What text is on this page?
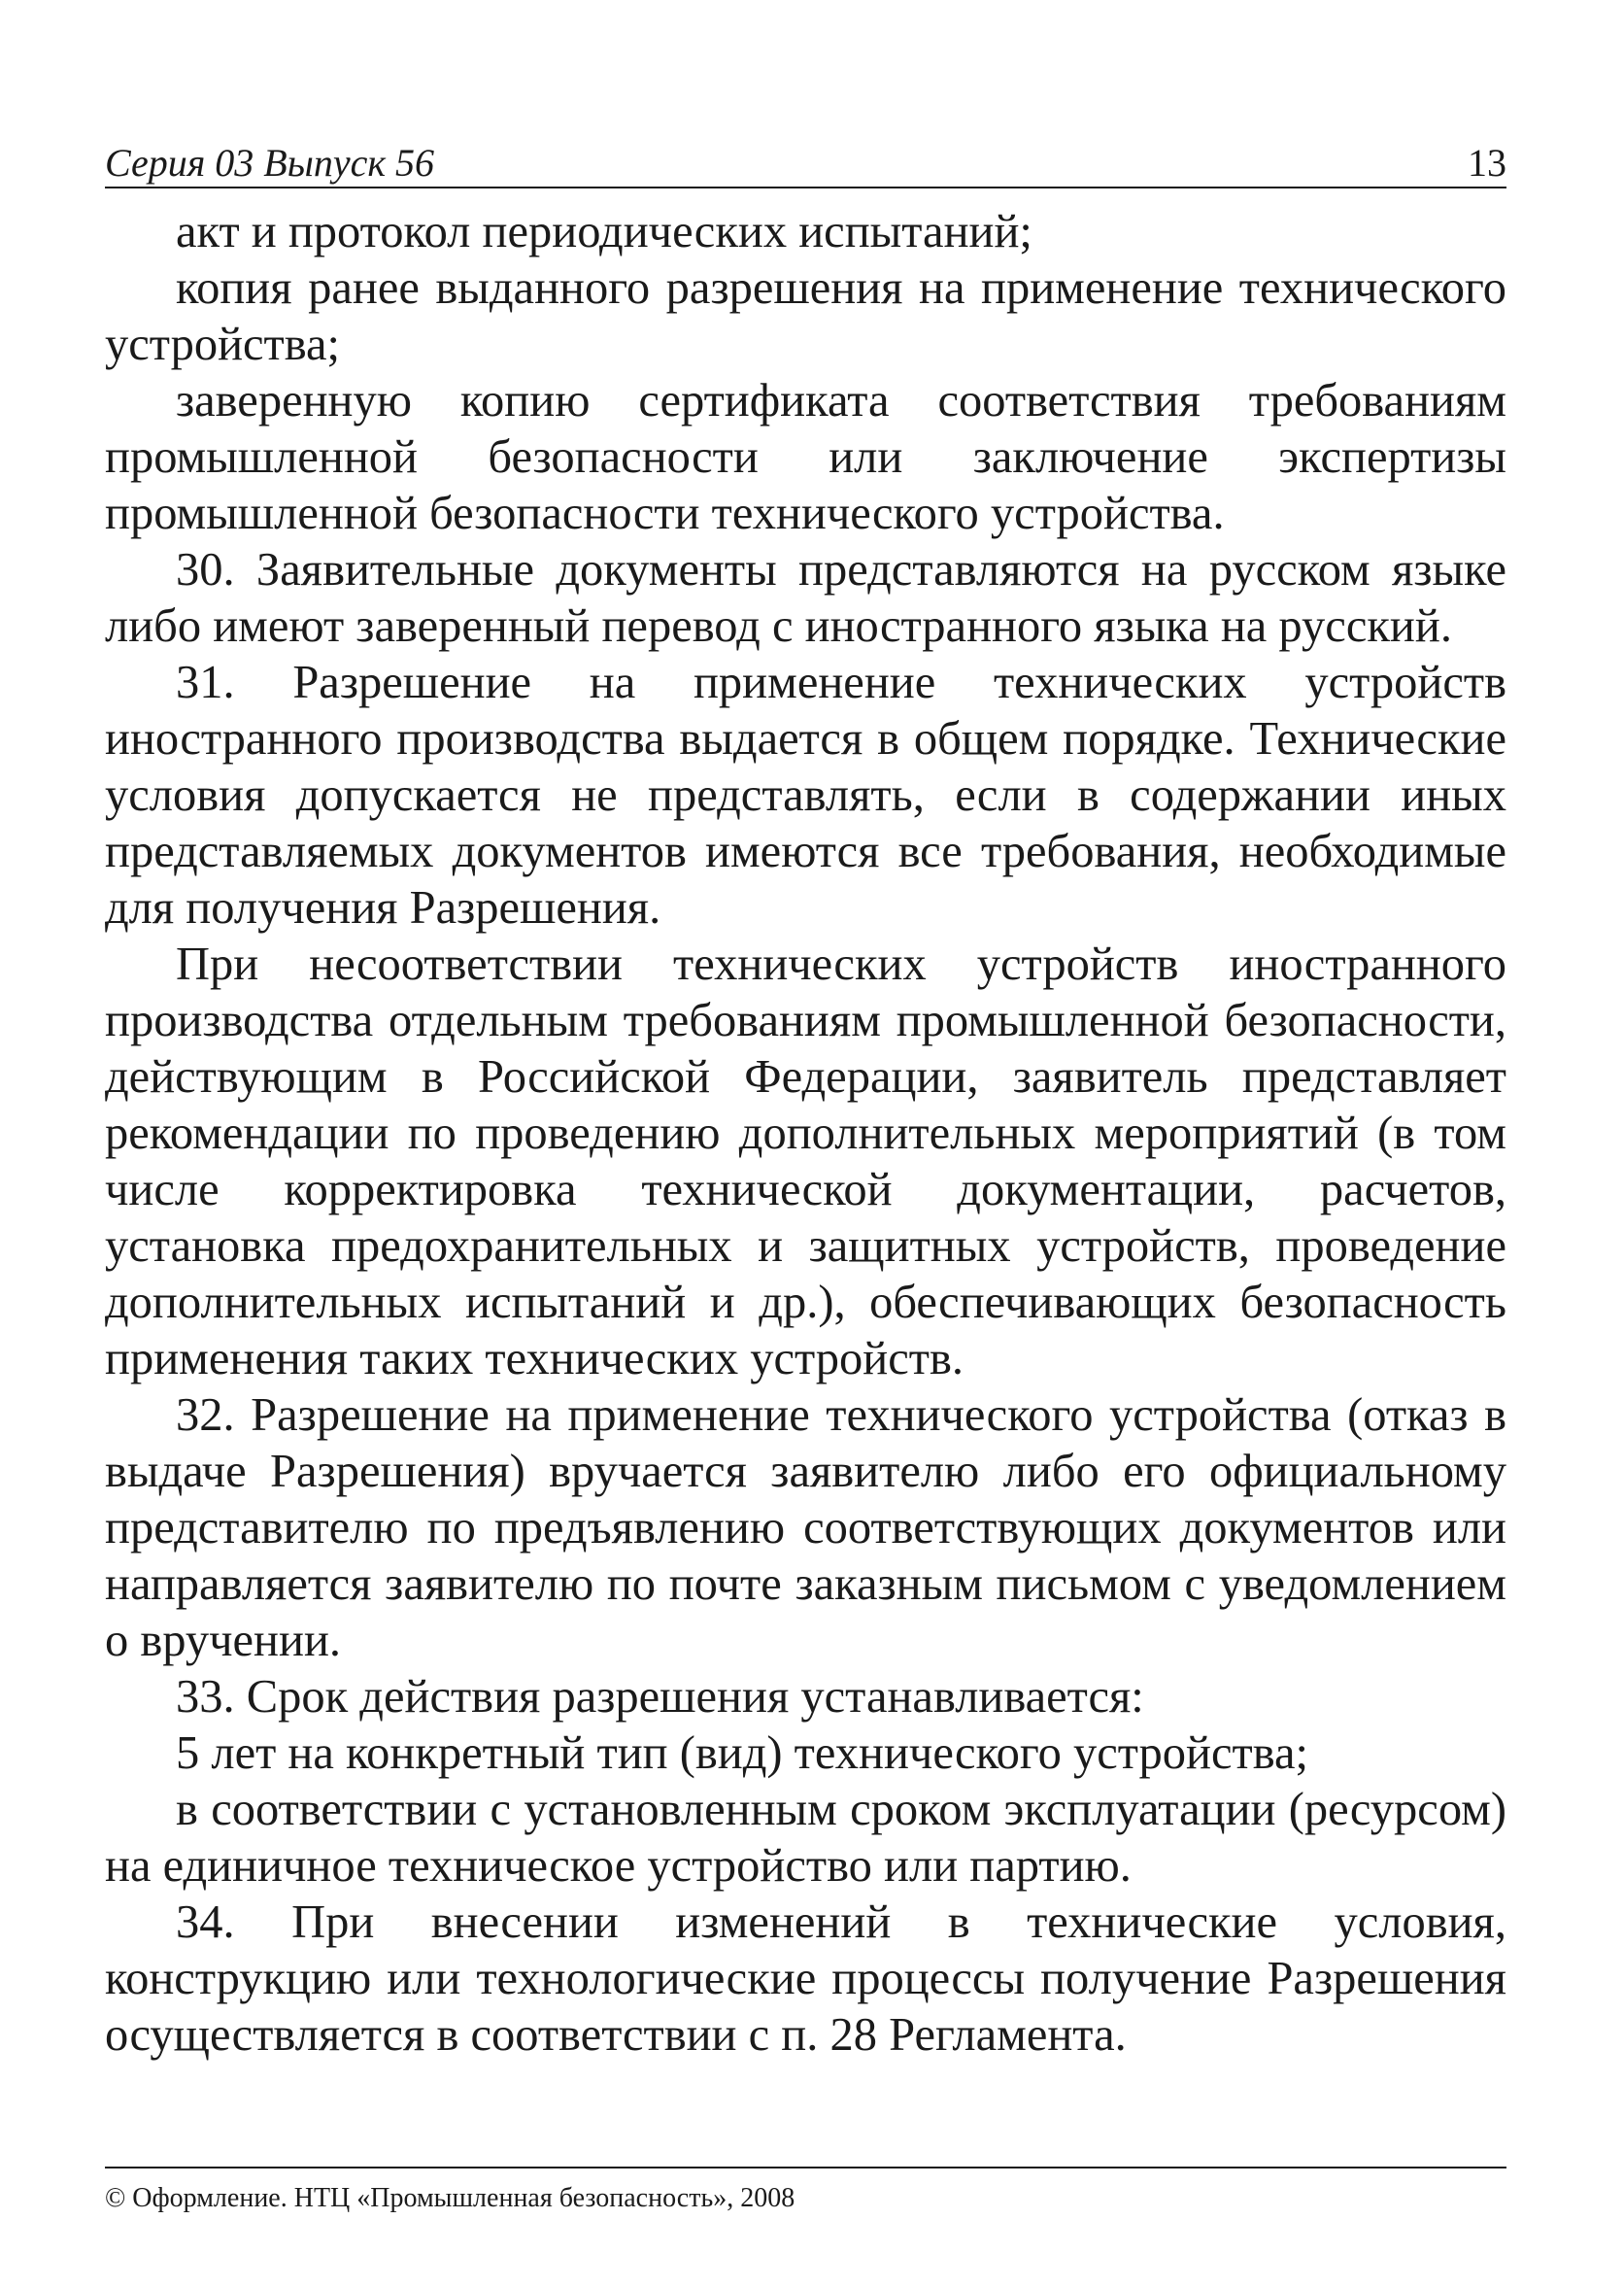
Серия 03 Выпуск 56	13

акт и протокол периодических испытаний;

копия ранее выданного разрешения на применение технического устройства;

заверенную копию сертификата соответствия требованиям промышленной безопасности или заключение экспертизы промышленной безопасности технического устройства.

30. Заявительные документы представляются на русском языке либо имеют заверенный перевод с иностранного языка на русский.

31. Разрешение на применение технических устройств иностранного производства выдается в общем порядке. Технические условия допускается не представлять, если в содержании иных представляемых документов имеются все требования, необходимые для получения Разрешения.

При несоответствии технических устройств иностранного производства отдельным требованиям промышленной безопасности, действующим в Российской Федерации, заявитель представляет рекомендации по проведению дополнительных мероприятий (в том числе корректировка технической документации, расчетов, установка предохранительных и защитных устройств, проведение дополнительных испытаний и др.), обеспечивающих безопасность применения таких технических устройств.

32. Разрешение на применение технического устройства (отказ в выдаче Разрешения) вручается заявителю либо его официальному представителю по предъявлению соответствующих документов или направляется заявителю по почте заказным письмом с уведомлением о вручении.

33. Срок действия разрешения устанавливается:

5 лет на конкретный тип (вид) технического устройства;

в соответствии с установленным сроком эксплуатации (ресурсом) на единичное техническое устройство или партию.

34. При внесении изменений в технические условия, конструкцию или технологические процессы получение Разрешения осуществляется в соответствии с п. 28 Регламента.

© Оформление. НТЦ «Промышленная безопасность», 2008
